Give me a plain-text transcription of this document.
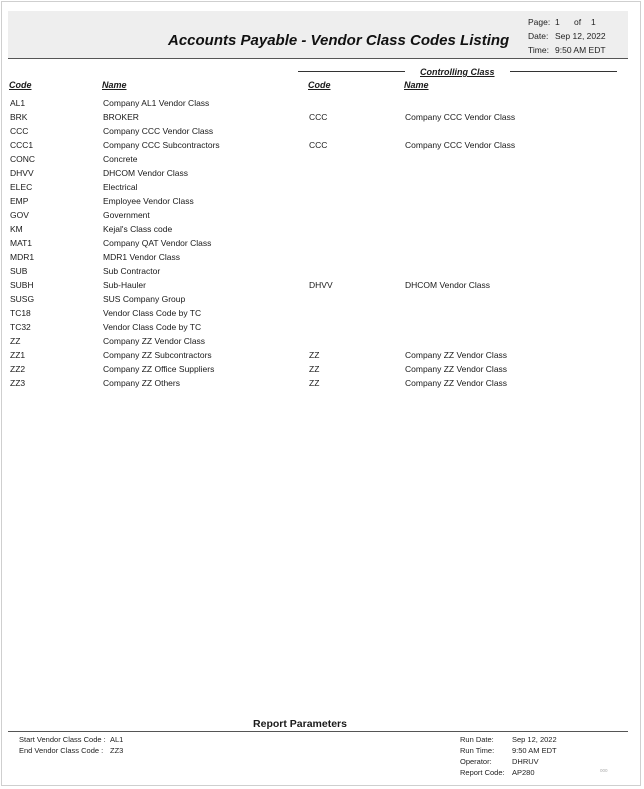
Accounts Payable - Vendor Class Codes Listing
Page: 1 of 1
Date: Sep 12, 2022
Time: 9:50 AM EDT
Controlling Class
Code	Name	Code	Name
AL1	Company AL1 Vendor Class
BRK	BROKER	CCC	Company CCC Vendor Class
CCC	Company CCC Vendor Class
CCC1	Company CCC Subcontractors	CCC	Company CCC Vendor Class
CONC	Concrete
DHVV	DHCOM Vendor Class
ELEC	Electrical
EMP	Employee Vendor Class
GOV	Government
KM	Kejal's Class code
MAT1	Company QAT Vendor Class
MDR1	MDR1 Vendor Class
SUB	Sub Contractor
SUBH	Sub-Hauler	DHVV	DHCOM Vendor Class
SUSG	SUS Company Group
TC18	Vendor Class Code by TC
TC32	Vendor Class Code by TC
ZZ	Company ZZ Vendor Class
ZZ1	Company ZZ Subcontractors	ZZ	Company ZZ Vendor Class
ZZ2	Company ZZ Office Suppliers	ZZ	Company ZZ Vendor Class
ZZ3	Company ZZ Others	ZZ	Company ZZ Vendor Class
Report Parameters
Start Vendor Class Code : AL1
End Vendor Class Code : ZZ3
Run Date: Sep 12, 2022
Run Time: 9:50 AM EDT
Operator:	DHRUV
Report Code: AP280	000
